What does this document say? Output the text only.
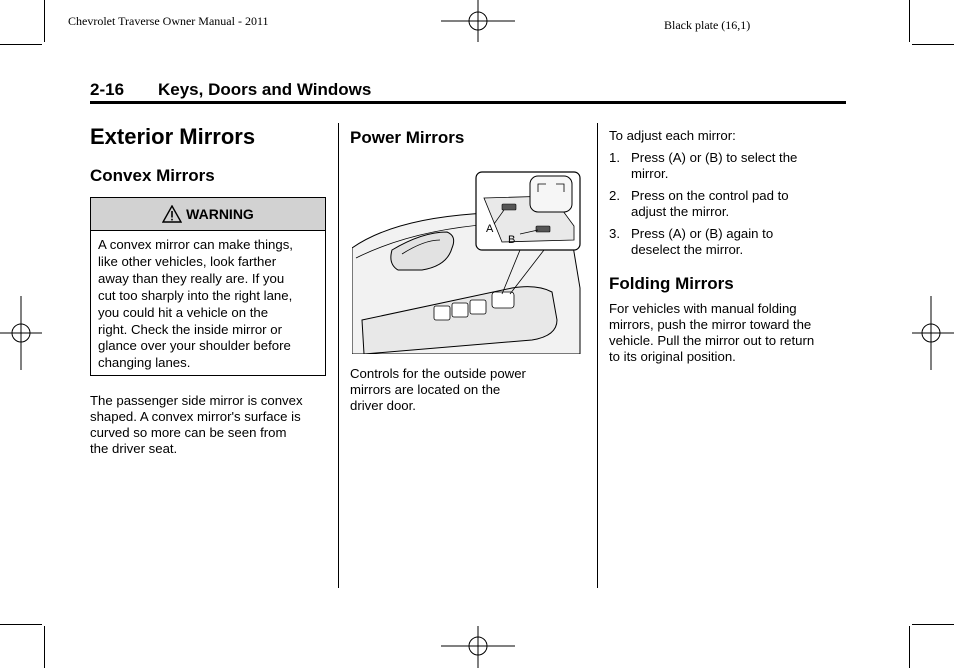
Chevrolet Traverse Owner Manual - 2011	Black plate (16,1)
2-16 Keys, Doors and Windows
Exterior Mirrors
Convex Mirrors
WARNING
A convex mirror can make things,
like other vehicles, look farther
away than they really are. If you
cut too sharply into the right lane,
you could hit a vehicle on the
right. Check the inside mirror or
glance over your shoulder before
changing lanes.
The passenger side mirror is convex
shaped. A convex mirror's surface is
curved so more can be seen from
the driver seat.
Power Mirrors
A
B
Controls for the outside power
mirrors are located on the
driver door.
To adjust each mirror:
1. Press (A) or (B) to select the
mirror.
2. Press on the control pad to
adjust the mirror.
3. Press (A) or (B) again to
deselect the mirror.
Folding Mirrors
For vehicles with manual folding
mirrors, push the mirror toward the
vehicle. Pull the mirror out to return
to its original position.
